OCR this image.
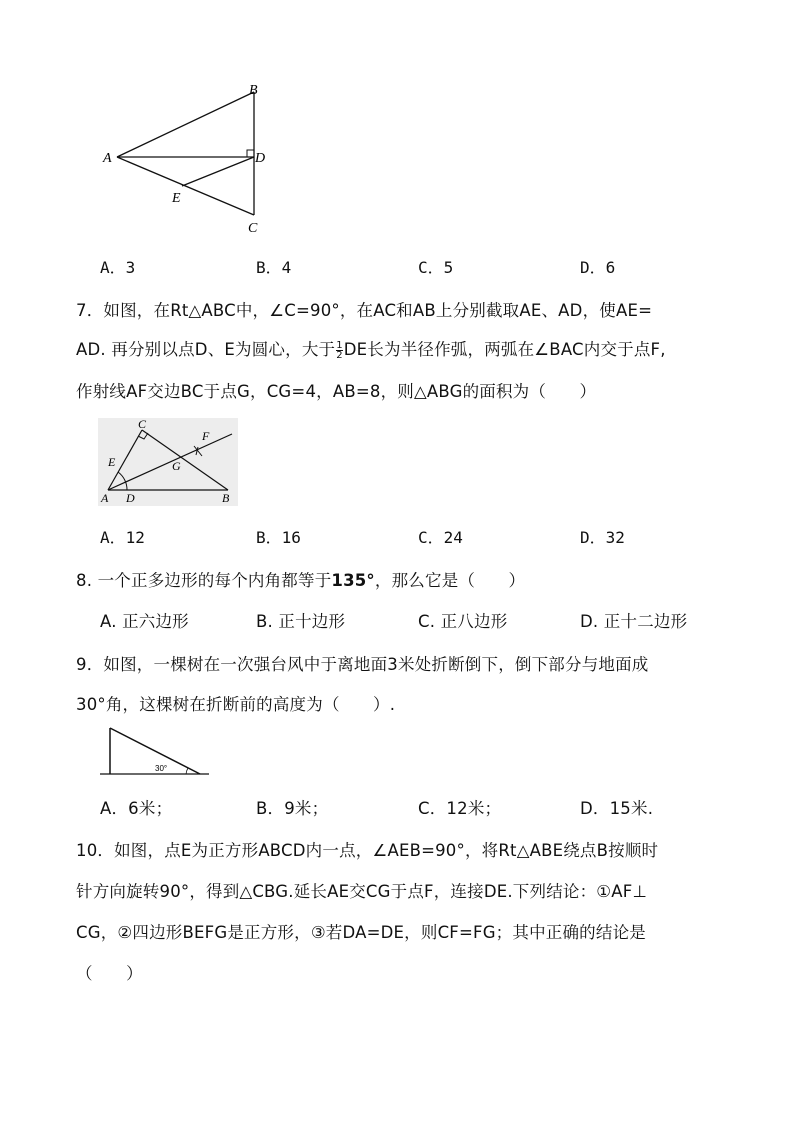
B
A	D
E
C
A．3	B．4	C．5	D．6
7．如图，在Rt△ABC中，∠C=90°，在AC和AB上分别截取AE、AD，使AE=
AD. 再分别以点D、E为圆心，大于 $\frac{1}{2}$ DE长为半径作弧，两弧在∠BAC内交于点F,
作射线AF交边BC于点G，CG=4，AB=8，则△ABG的面积为（　　）
C
F
E	G
A D	B
A．12	B．16	C．24	D．32
8. 一个正多边形的每个内角都等于135°，那么它是（　　）
A. 正六边形	B. 正十边形	C. 正八边形	D. 正十二边形
9．如图，一棵树在一次强台风中于离地面3米处折断倒下，倒下部分与地面成
30°角，这棵树在折断前的高度为（　　）.
30°
A．6米；	B．9米；	C．12米；	D．15米.
10．如图，点E为正方形ABCD内一点，∠AEB=90°，将Rt△ABE绕点B按顺时
针方向旋转90°，得到△CBG.延长AE交CG于点F，连接DE.下列结论：①AF⊥
CG，②四边形BEFG是正方形，③若DA=DE，则CF=FG；其中正确的结论是
（　　）
